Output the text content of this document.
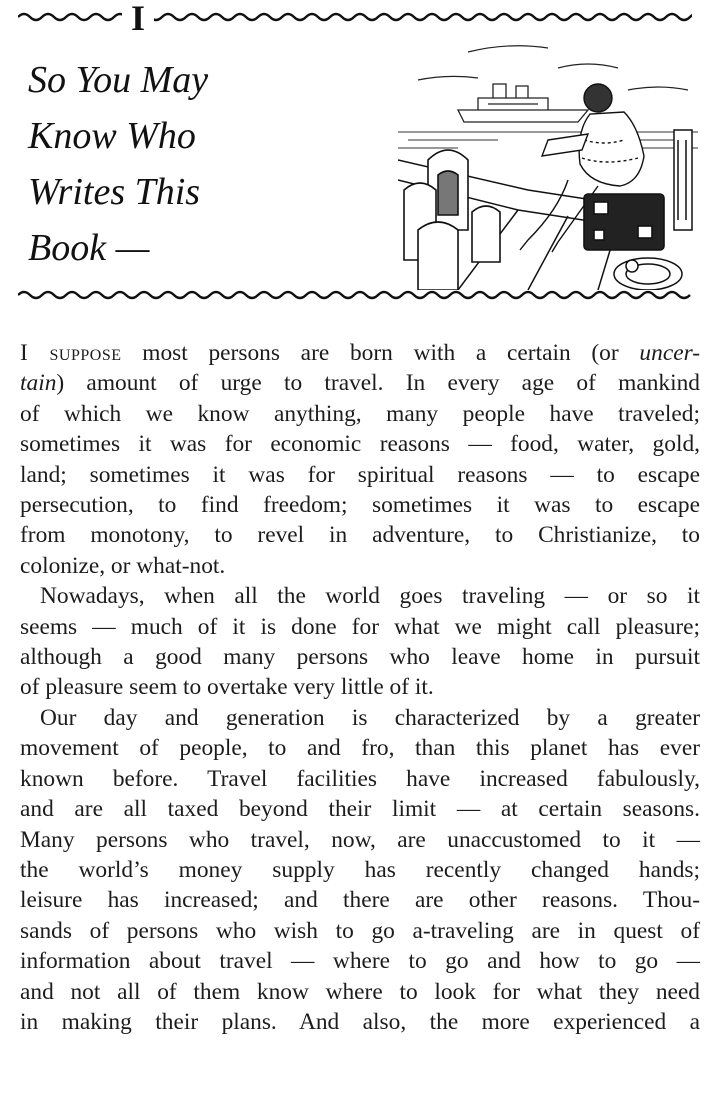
I
So You May
Know Who
Writes This
Book —
I suppose most persons are born with a certain (or uncer-
tain) amount of urge to travel. In every age of mankind
of which we know anything, many people have traveled;
sometimes it was for economic reasons — food, water, gold,
land; sometimes it was for spiritual reasons — to escape
persecution, to find freedom; sometimes it was to escape
from monotony, to revel in adventure, to Christianize, to
colonize, or what-not.
Nowadays, when all the world goes traveling — or so it
seems — much of it is done for what we might call pleasure;
although a good many persons who leave home in pursuit
of pleasure seem to overtake very little of it.
Our day and generation is characterized by a greater
movement of people, to and fro, than this planet has ever
known before. Travel facilities have increased fabulously,
and are all taxed beyond their limit — at certain seasons.
Many persons who travel, now, are unaccustomed to it —
the world’s money supply has recently changed hands;
leisure has increased; and there are other reasons. Thou-
sands of persons who wish to go a-traveling are in quest of
information about travel — where to go and how to go —
and not all of them know where to look for what they need
in making their plans. And also, the more experienced a
